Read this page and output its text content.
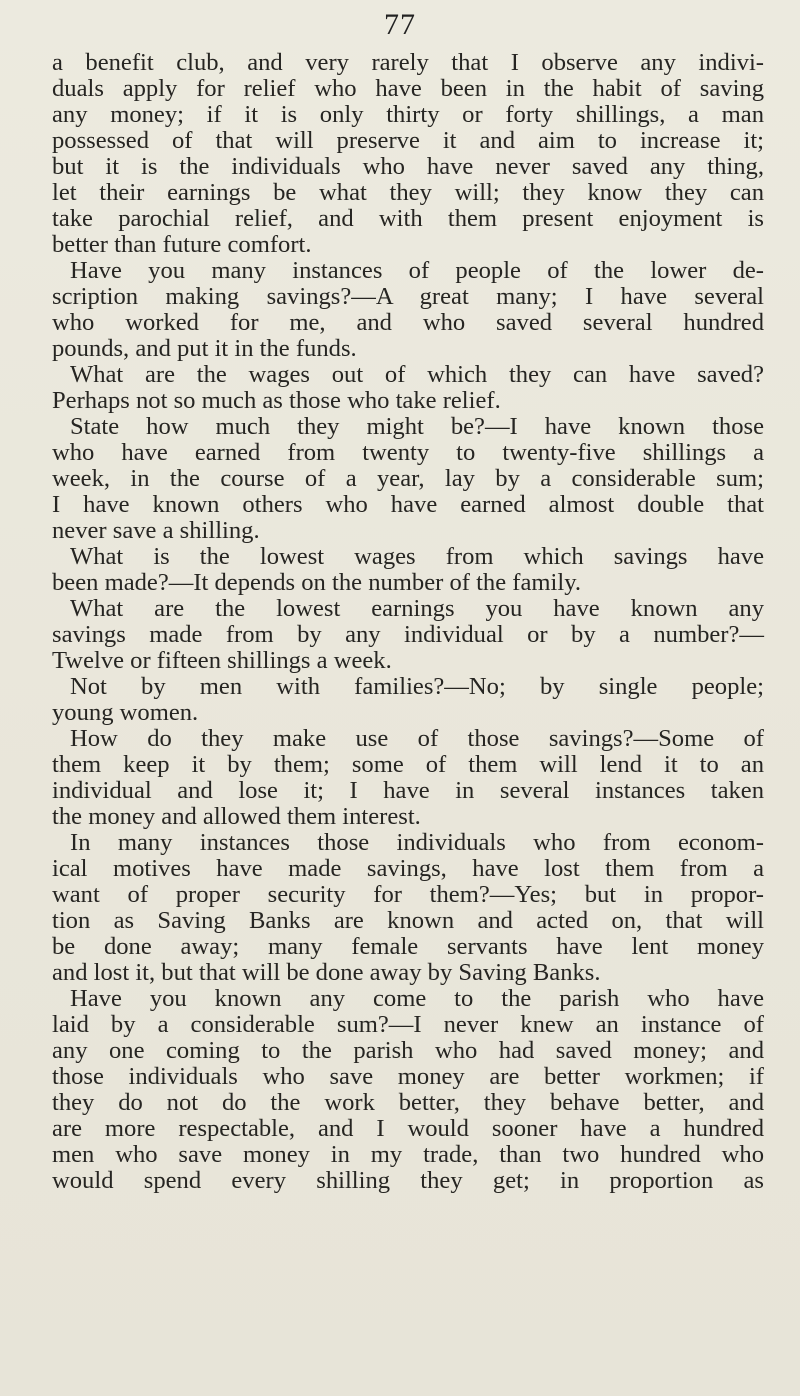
77
a benefit club, and very rarely that I observe any indivi-
duals apply for relief who have been in the habit of saving
any money; if it is only thirty or forty shillings, a man
possessed of that will preserve it and aim to increase it;
but it is the individuals who have never saved any thing,
let their earnings be what they will; they know they can
take parochial relief, and with them present enjoyment is
better than future comfort.
Have you many instances of people of the lower de-
scription making savings?—A great many; I have several
who worked for me, and who saved several hundred
pounds, and put it in the funds.
What are the wages out of which they can have saved?
Perhaps not so much as those who take relief.
State how much they might be?—I have known those
who have earned from twenty to twenty-five shillings a
week, in the course of a year, lay by a considerable sum;
I have known others who have earned almost double that
never save a shilling.
What is the lowest wages from which savings have
been made?—It depends on the number of the family.
What are the lowest earnings you have known any
savings made from by any individual or by a number?—
Twelve or fifteen shillings a week.
Not by men with families?—No; by single people;
young women.
How do they make use of those savings?—Some of
them keep it by them; some of them will lend it to an
individual and lose it; I have in several instances taken
the money and allowed them interest.
In many instances those individuals who from econom-
ical motives have made savings, have lost them from a
want of proper security for them?—Yes; but in propor-
tion as Saving Banks are known and acted on, that will
be done away; many female servants have lent money
and lost it, but that will be done away by Saving Banks.
Have you known any come to the parish who have
laid by a considerable sum?—I never knew an instance of
any one coming to the parish who had saved money; and
those individuals who save money are better workmen; if
they do not do the work better, they behave better, and
are more respectable, and I would sooner have a hundred
men who save money in my trade, than two hundred who
would spend every shilling they get; in proportion as
